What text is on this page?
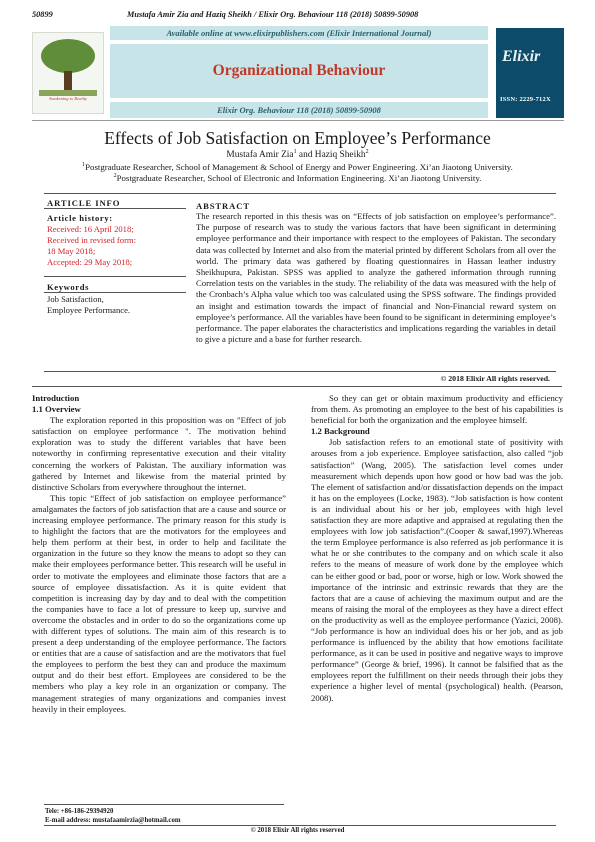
50899	Mustafa Amir Zia and Haziq Sheikh / Elixir Org. Behaviour 118 (2018) 50899-50908
Awakening to Reality
Available online at www.elixirpublishers.com (Elixir International Journal)
Organizational Behaviour
Elixir Org. Behaviour 118 (2018) 50899-50908
Elixir
ISSN: 2229-712X
Effects of Job Satisfaction on Employee’s Performance
Mustafa Amir Zia$^1$ and Haziq Sheikh$^2$
$^1$Postgraduate Researcher, School of Management & School of Energy and Power Engineering. Xi’an Jiaotong University.
$^2$Postgraduate Researcher, School of Electronic and Information Engineering. Xi’an Jiaotong University.
ARTICLE INFO
Article history:
Received: 16 April 2018;
Received in revised form:
18 May 2018;
Accepted: 29 May 2018;
Keywords
Job Satisfaction,
Employee Performance.
ABSTRACT
The research reported in this thesis was on “Effects of job satisfaction on employee’s performance”. The purpose of research was to study the various factors that have been significant in determining employee performance and their importance with respect to the employees of Pakistan. The secondary data was collected by Internet and also from the material printed by different Scholars from all over the world. The primary data was gathered by floating questionnaires in Hassan leather industry Sheikhupura, Pakistan. SPSS was applied to analyze the gathered information through running Correlation tests on the variables in the study. The reliability of the data was measured with the help of the Cronbach’s Alpha value which too was calculated using the SPSS software. The findings provided an insight and estimation towards the impact of financial and Non-Financial reward system on employee’s performance. All the variables have been found to be significant in determining employee’s performance. The paper elaborates the characteristics and implications regarding the variables in detail to give a picture and a base for further research.
© 2018 Elixir All rights reserved.
Introduction
1.1 Overview

The exploration reported in this proposition was on "Effect of job satisfaction on employee performance ". The motivation behind exploration was to study the different variables that have been noteworthy in confirming representative execution and their vitality concerning the workers of Pakistan. The auxiliary information was gathered by Internet and likewise from the material printed by distinctive Scholars from everywhere throughout the internet.

This topic “Effect of job satisfaction on employee performance” amalgamates the factors of job satisfaction that are a cause and source or increasing employee performance. The primary reason for this study is to highlight the factors that are the motivators for the employees and help them perform at their best, in order to help and facilitate the organization in the future so they know the means to adopt so they can make their employees performance better. This research will be useful in order to motivate the employees and eliminate those factors that are a source of employee dissatisfaction. As it is quite evident that competition is increasing day by day and to deal with the competition the companies have to face a lot of pressure to keep up, survive and overcome the obstacles and in order to do so the organizations come up with different types of solutions. The main aim of this research is to present a deep understanding of the employee performance. The factors or entities that are a cause of satisfaction and are the motivators that fuel the employees to perform the best they can and produce the maximum output and do their best effort. Employees are considered to be the members who play a key role in an organization or company. The management strategies of many organizations and companies invest heavily in their employees.

So they can get or obtain maximum productivity and efficiency from them. As promoting an employee to the best of his capabilities is beneficial for both the organization and the employee himself.

1.2 Background

Job satisfaction refers to an emotional state of positivity with arouses from a job experience. Employee satisfaction, also called “job satisfaction” (Wang, 2005). The satisfaction level comes under measurement which depends upon how good or how bad was the job. The element of satisfaction and/or dissatisfaction depends on the impact it has on the employees (Locke, 1983). “Job satisfaction is how content is an individual about his or her job, employees with high level satisfaction they are more adaptive and appraised at regulating then the employees with low job satisfaction”.(Cooper & sawaf,1997).Whereas the term Employee performance is also referred as job performance it is what he or she contributes to the company and on which scale it also refers to the means of measure of work done by the employee which can be either good or bad, poor or worse, high or low. Work showed the importance of the intrinsic and extrinsic rewards that they are the factors that are a cause of achieving the maximum output and are the means of raising the moral of the employees as they have a direct effect on the productivity as well as the employee performance (Yazici, 2008). “Job performance is how an individual does his or her job, and as job performance is influenced by the ability that how emotions facilitate performance, as it can be used in positive and negative ways to improve performance” (George & brief, 1996). It cannot be falsified that as the employees report the fulfillment on their needs through their jobs they experience a higher level of mental (psychological) health. (Pearson, 2008).

Tele: +86-186-29394920
E-mail address: mustafaamirzia@hotmail.com
© 2018 Elixir All rights reserved
